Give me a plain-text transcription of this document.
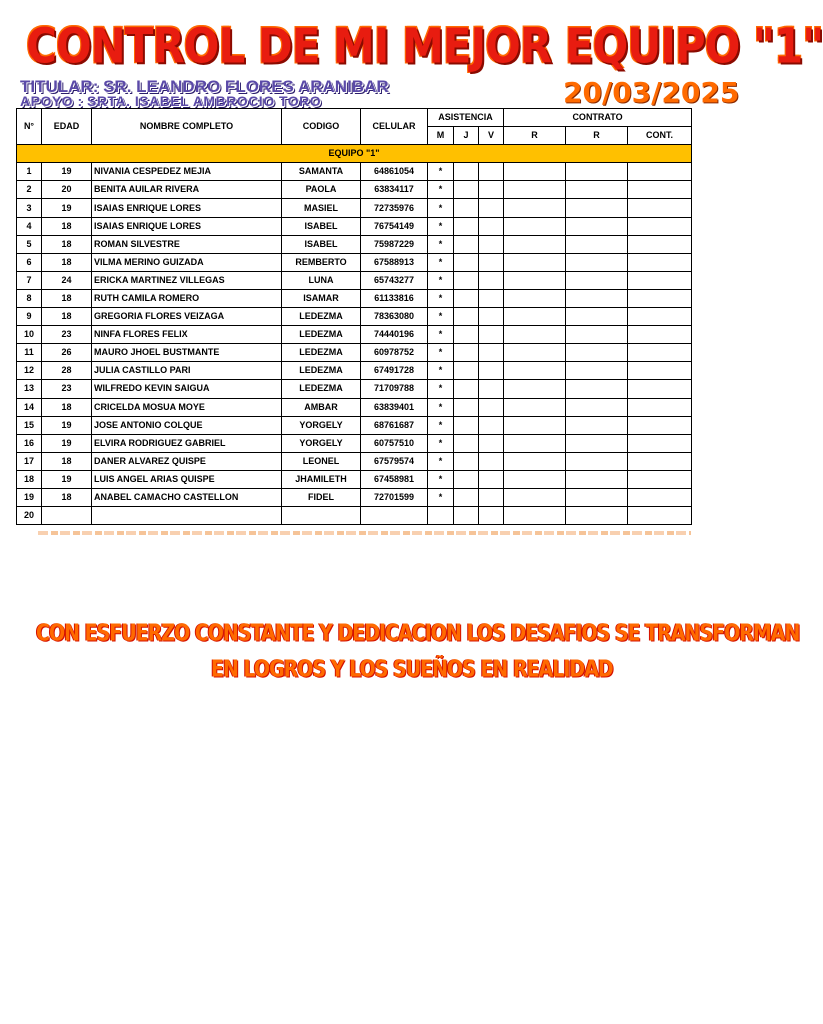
CONTROL DE MI MEJOR EQUIPO "1"
TITULAR: SR. LEANDRO FLORES ARANIBAR
APOYO : SRTA. ISABEL AMBROCIO TORO	20/03/2025
N°	EDAD	NOMBRE COMPLETO	CODIGO	CELULAR	ASISTENCIA			CONTRATO		
					M	J	V	R	R	CONT.
EQUIPO "1"										
1	19	NIVANIA CESPEDEZ MEJIA	SAMANTA	64861054	*					
2	20	BENITA AUILAR RIVERA	PAOLA	63834117	*					
3	19	ISAIAS ENRIQUE LORES	MASIEL	72735976	*					
4	18	ISAIAS ENRIQUE LORES	ISABEL	76754149	*					
5	18	ROMAN SILVESTRE	ISABEL	75987229	*					
6	18	VILMA MERINO GUIZADA	REMBERTO	67588913	*					
7	24	ERICKA MARTINEZ VILLEGAS	LUNA	65743277	*					
8	18	RUTH CAMILA ROMERO	ISAMAR	61133816	*					
9	18	GREGORIA FLORES VEIZAGA	LEDEZMA	78363080	*					
10	23	NINFA FLORES FELIX	LEDEZMA	74440196	*					
11	26	MAURO JHOEL BUSTMANTE	LEDEZMA	60978752	*					
12	28	JULIA CASTILLO PARI	LEDEZMA	67491728	*					
13	23	WILFREDO KEVIN SAIGUA	LEDEZMA	71709788	*					
14	18	CRICELDA MOSUA MOYE	AMBAR	63839401	*					
15	19	JOSE ANTONIO COLQUE	YORGELY	68761687	*					
16	19	ELVIRA RODRIGUEZ GABRIEL	YORGELY	60757510	*					
17	18	DANER ALVAREZ QUISPE	LEONEL	67579574	*					
18	19	LUIS ANGEL ARIAS QUISPE	JHAMILETH	67458981	*					
19	18	ANABEL CAMACHO CASTELLON	FIDEL	72701599	*					
20										
CON ESFUERZO CONSTANTE Y DEDICACION LOS DESAFIOS SE TRANSFORMAN
EN LOGROS Y LOS SUEÑOS EN REALIDAD
